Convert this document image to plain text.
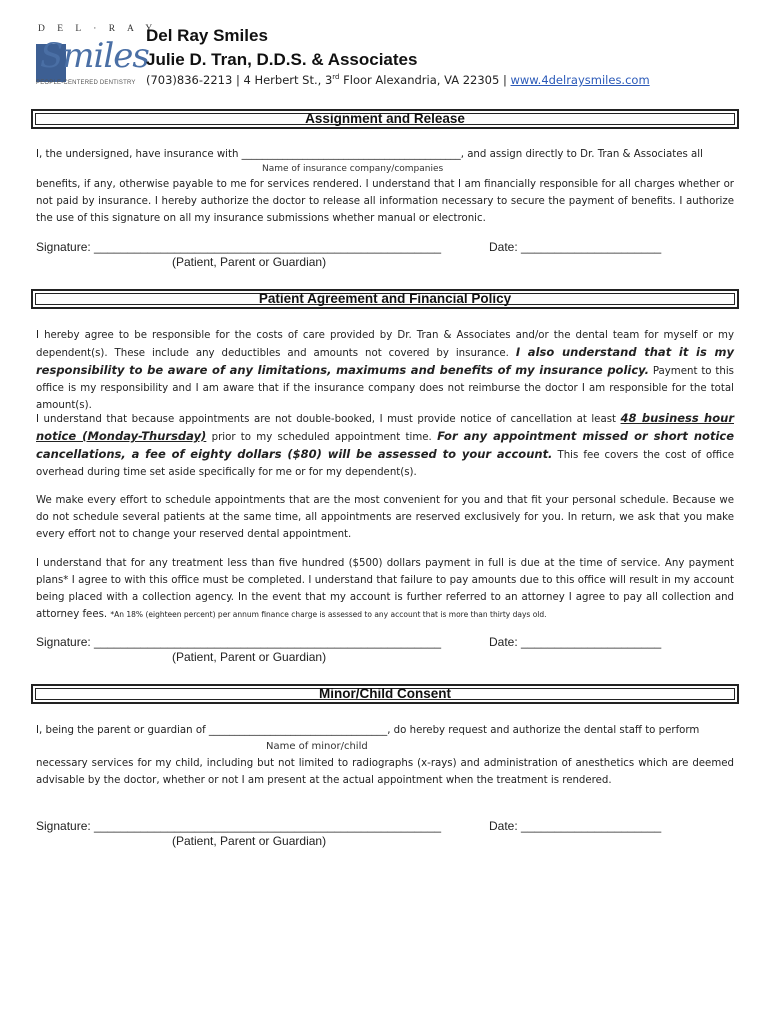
D E L · R A Y
Smiles
PEOPLE-CENTERED DENTISTRY
Del Ray Smiles
Julie D. Tran, D.D.S. & Associates
(703)836-2213 | 4 Herbert St., 3rd Floor Alexandria, VA 22305 | www.4delraysmiles.com
Assignment and Release
I, the undersigned, have insurance with ___________________________________________, and assign directly to Dr. Tran & Associates all
Name of insurance company/companies
benefits, if any, otherwise payable to me for services rendered. I understand that I am financially responsible for all charges whether or not paid by insurance. I hereby authorize the doctor to release all information necessary to secure the payment of benefits. I authorize the use of this signature on all my insurance submissions whether manual or electronic.
Signature: ____________________________________________________	Date: _____________________
(Patient, Parent or Guardian)
Patient Agreement and Financial Policy
I hereby agree to be responsible for the costs of care provided by Dr. Tran & Associates and/or the dental team for myself or my dependent(s). These include any deductibles and amounts not covered by insurance. I also understand that it is my responsibility to be aware of any limitations, maximums and benefits of my insurance policy. Payment to this office is my responsibility and I am aware that if the insurance company does not reimburse the doctor I am responsible for the total amount(s).
I understand that because appointments are not double-booked, I must provide notice of cancellation at least 48 business hour notice (Monday-Thursday) prior to my scheduled appointment time. For any appointment missed or short notice cancellations, a fee of eighty dollars ($80) will be assessed to your account. This fee covers the cost of office overhead during time set aside specifically for me or for my dependent(s).
We make every effort to schedule appointments that are the most convenient for you and that fit your personal schedule. Because we do not schedule several patients at the same time, all appointments are reserved exclusively for you. In return, we ask that you make every effort not to change your reserved dental appointment.
I understand that for any treatment less than five hundred ($500) dollars payment in full is due at the time of service. Any payment plans* I agree to with this office must be completed. I understand that failure to pay amounts due to this office will result in my account being placed with a collection agency. In the event that my account is further referred to an attorney I agree to pay all collection and attorney fees. *An 18% (eighteen percent) per annum finance charge is assessed to any account that is more than thirty days old.
Signature: ____________________________________________________	Date: _____________________
(Patient, Parent or Guardian)
Minor/Child Consent
I, being the parent or guardian of ___________________________________, do hereby request and authorize the dental staff to perform
Name of minor/child
necessary services for my child, including but not limited to radiographs (x-rays) and administration of anesthetics which are deemed advisable by the doctor, whether or not I am present at the actual appointment when the treatment is rendered.
Signature: ____________________________________________________	Date: _____________________
(Patient, Parent or Guardian)
